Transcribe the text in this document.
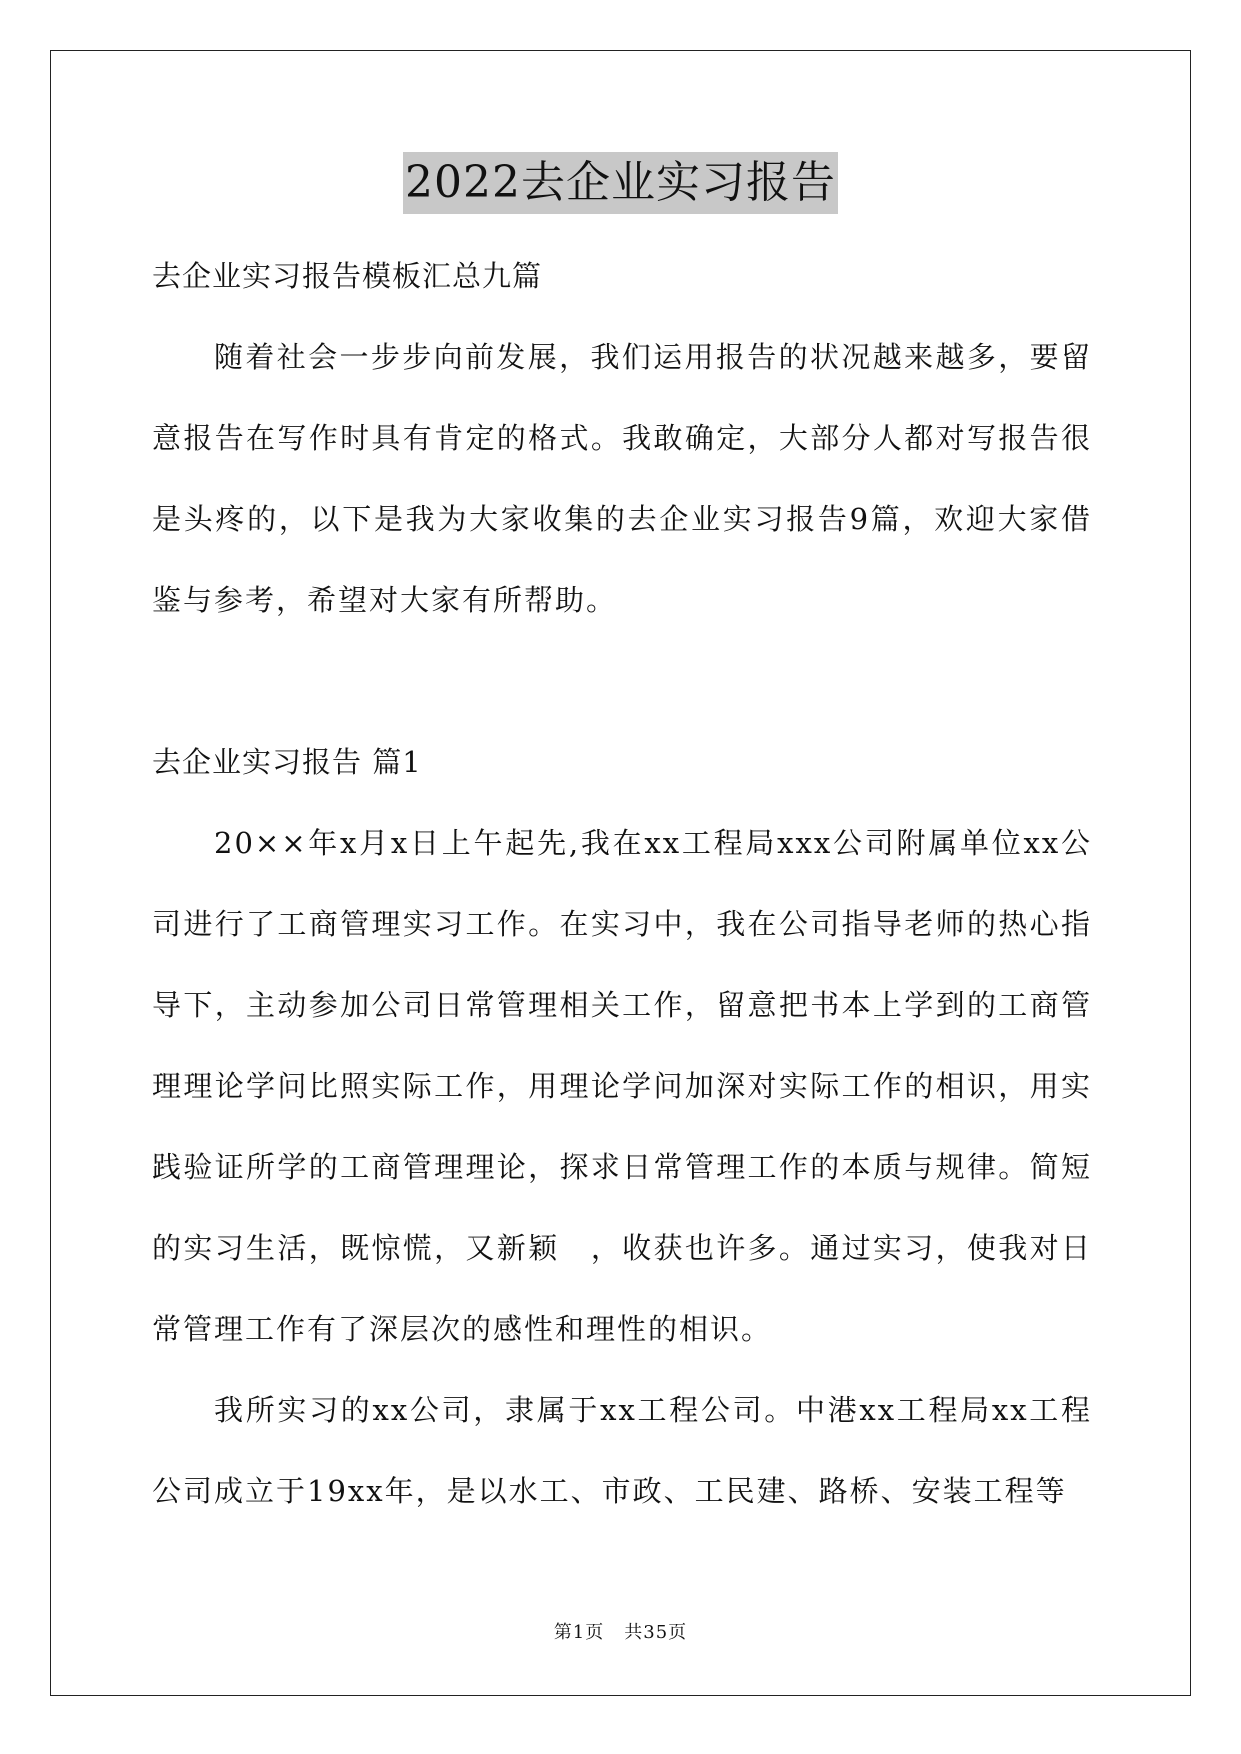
2022去企业实习报告

去企业实习报告模板汇总九篇

随着社会一步步向前发展，我们运用报告的状况越来越多，要留意报告在写作时具有肯定的格式。我敢确定，大部分人都对写报告很是头疼的，以下是我为大家收集的去企业实习报告9篇，欢迎大家借鉴与参考，希望对大家有所帮助。

去企业实习报告 篇1

20××年x月x日上午起先,我在xx工程局xxx公司附属单位xx公司进行了工商管理实习工作。在实习中，我在公司指导老师的热心指导下，主动参加公司日常管理相关工作，留意把书本上学到的工商管理理论学问比照实际工作，用理论学问加深对实际工作的相识，用实践验证所学的工商管理理论，探求日常管理工作的本质与规律。简短的实习生活，既惊慌，又新颖　，收获也许多。通过实习，使我对日常管理工作有了深层次的感性和理性的相识。

我所实习的xx公司，隶属于xx工程公司。中港xx工程局xx工程公司成立于19xx年，是以水工、市政、工民建、路桥、安装工程等

第1页 共35页
